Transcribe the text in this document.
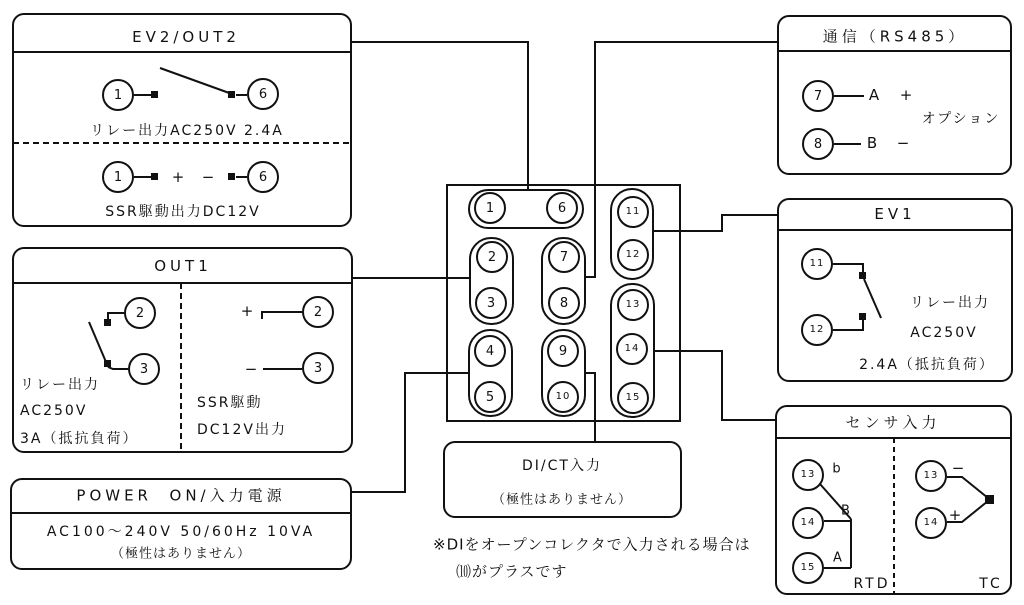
1	6
2
3
4
5
7
8
9
10
11
12
13
14
15
EV2/OUT2
1	6
リレー出力AC250V 2.4A
1	6
+ −
SSR駆動出力DC12V
OUT1
2
3
リレー出力
AC250V
3A（抵抗負荷）
+	2
−	3
SSR駆動
DC12V出力
POWER  ON/入力電源
AC100～240V 50/60Hz 10VA
（極性はありません）
通信（RS485）
7
8
A +
B −
オプション
EV1
11
12
リレー出力
AC250V
2.4A（抵抗負荷）
センサ入力
13
14
15
b
B
A
RTD
13
14
−
+
TC
DI/CT入力
（極性はありません）
※DIをオープンコレクタで入力される場合は
⑽がプラスです
